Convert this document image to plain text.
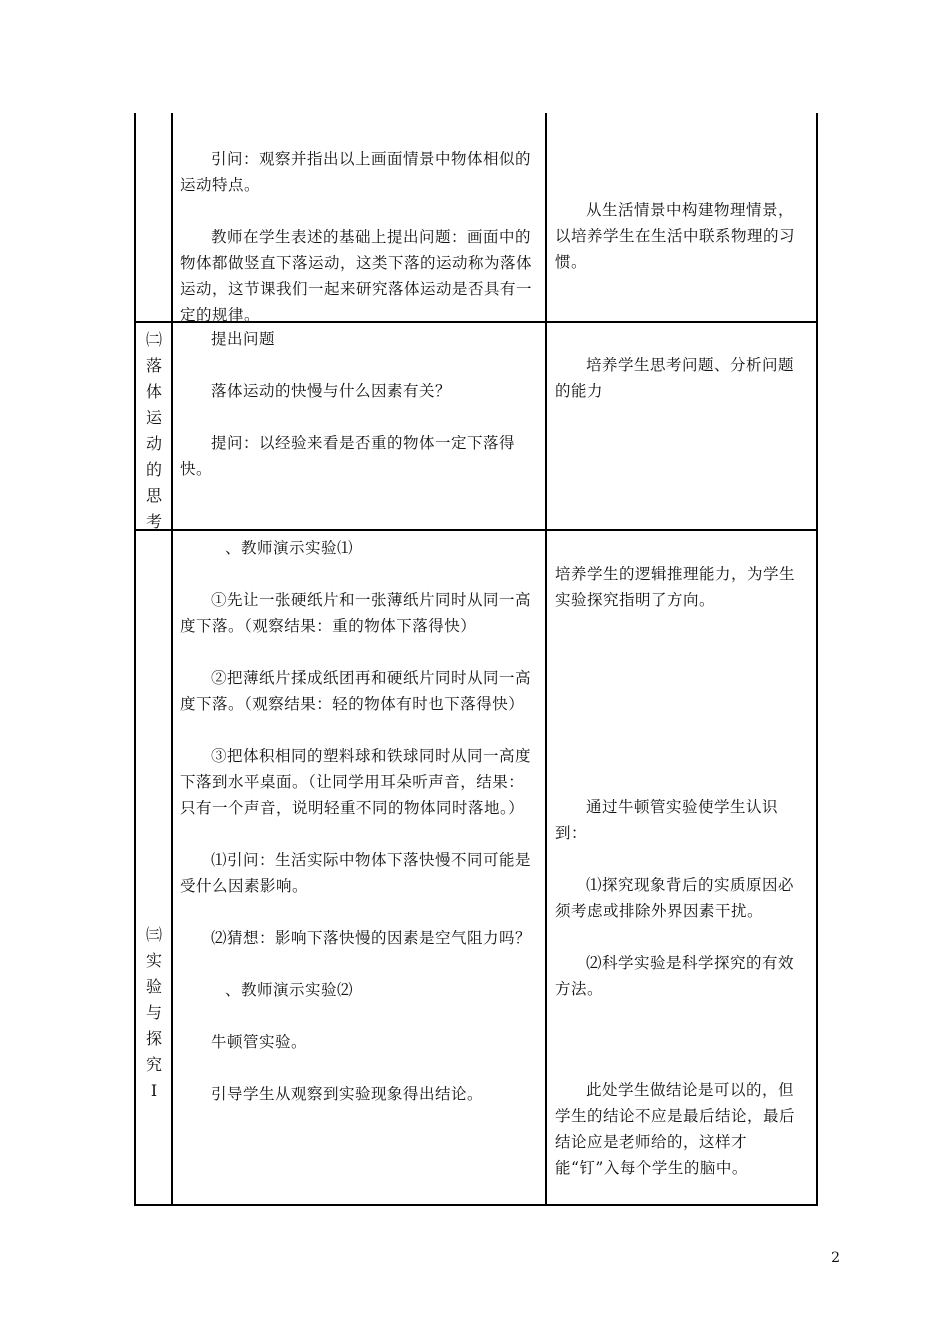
引问：观察并指出以上画面情景中物体相似的运动特点。

教师在学生表述的基础上提出问题：画面中的物体都做竖直下落运动，这类下落的运动称为落体运动，这节课我们一起来研究落体运动是否具有一定的规律。

从生活情景中构建物理情景，以培养学生在生活中联系物理的习惯。

㈡
落
体
运
动
的
思
考

提出问题

落体运动的快慢与什么因素有关？

提问：以经验来看是否重的物体一定下落得快。

培养学生思考问题、分析问题的能力

㈢
实
验
与
探
究
Ⅰ

、教师演示实验⑴

①先让一张硬纸片和一张薄纸片同时从同一高度下落。（观察结果：重的物体下落得快）

②把薄纸片揉成纸团再和硬纸片同时从同一高度下落。（观察结果：轻的物体有时也下落得快）

③把体积相同的塑料球和铁球同时从同一高度下落到水平桌面。（让同学用耳朵听声音，结果：只有一个声音，说明轻重不同的物体同时落地。）

⑴引问：生活实际中物体下落快慢不同可能是受什么因素影响。

⑵猜想：影响下落快慢的因素是空气阻力吗？

、教师演示实验⑵

牛顿管实验。

引导学生从观察到实验现象得出结论。

培养学生的逻辑推理能力，为学生实验探究指明了方向。

通过牛顿管实验使学生认识到：

⑴探究现象背后的实质原因必须考虑或排除外界因素干扰。

⑵科学实验是科学探究的有效方法。

此处学生做结论是可以的，但学生的结论不应是最后结论，最后结论应是老师给的，这样才能“钉”入每个学生的脑中。

2
